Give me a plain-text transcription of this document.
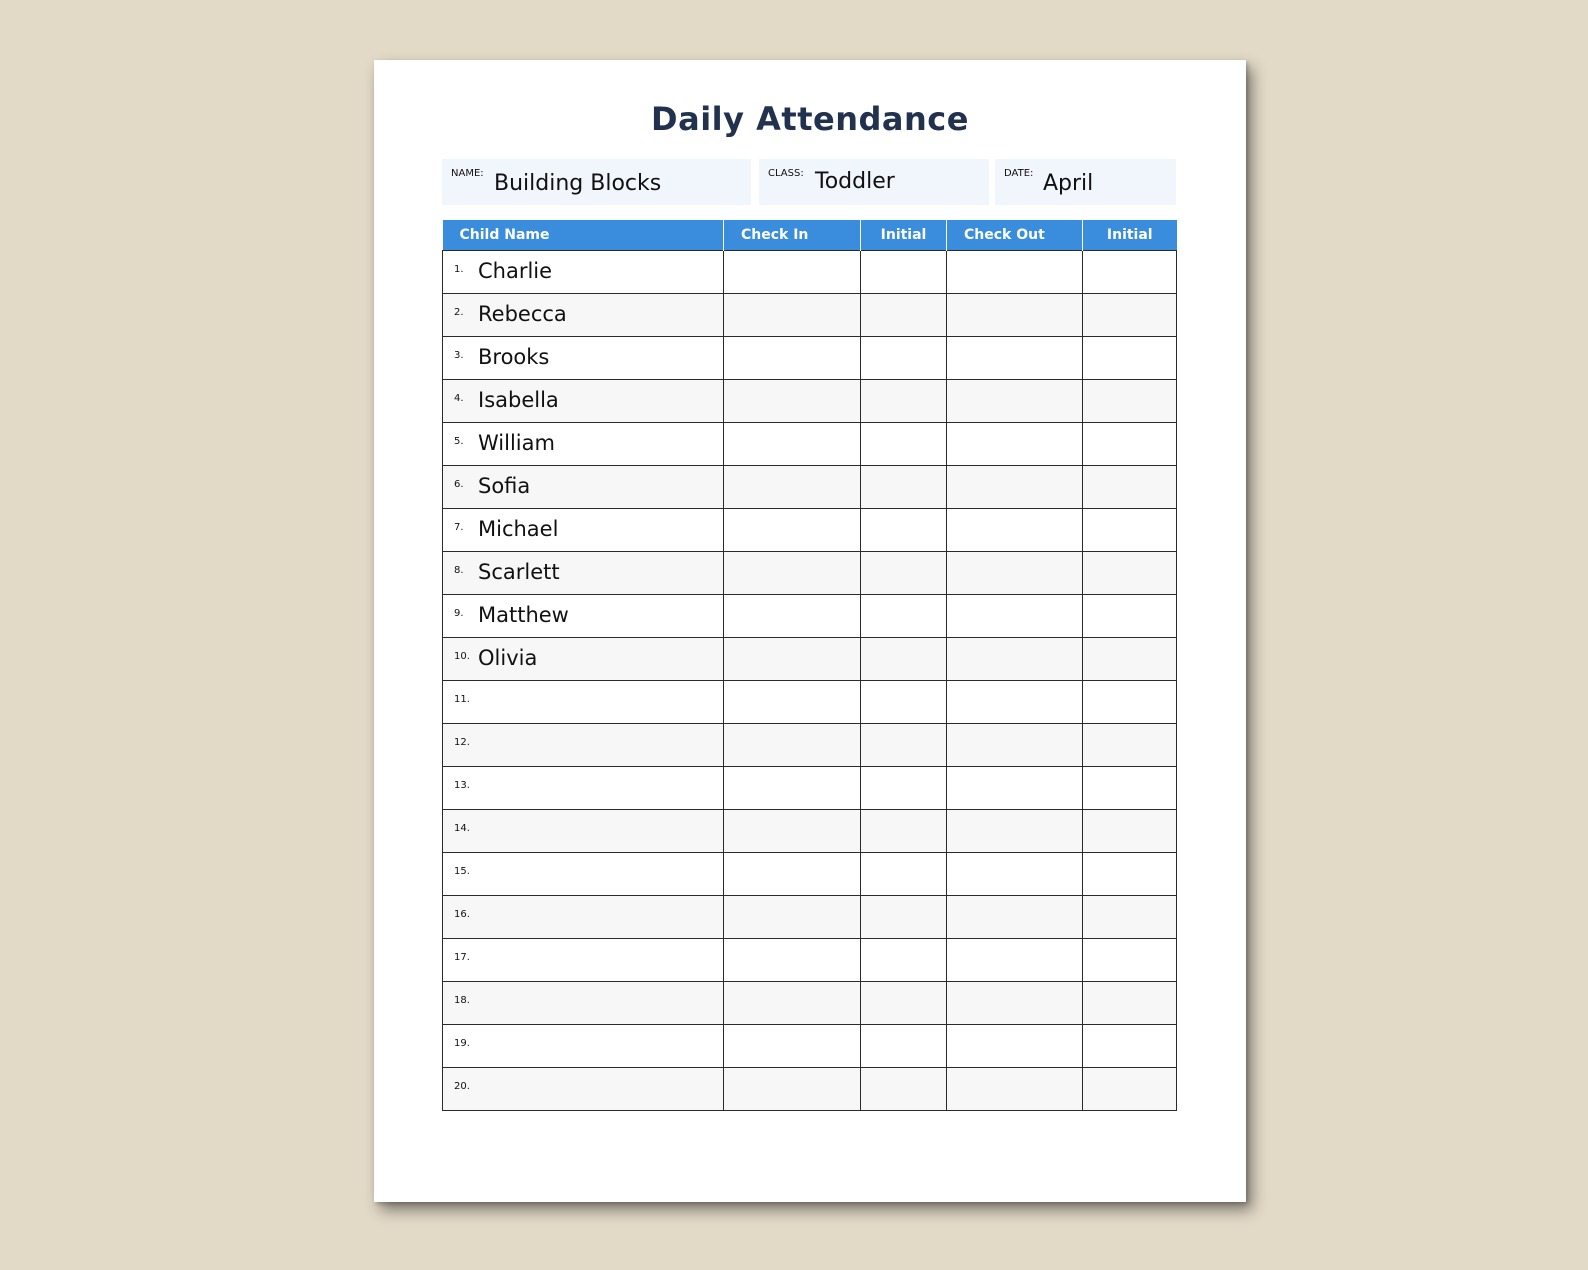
Daily Attendance
NAME: Building Blocks	CLASS: Toddler	DATE: April
Child Name	Check In	Initial	Check Out	Initial

1. Charlie				

2. Rebecca				

3. Brooks				

4. Isabella				

5. William				

6. Sofia				

7. Michael				

8. Scarlett				

9. Matthew				

10. Olivia				

11.				

12.				

13.				

14.				

15.				

16.				

17.				

18.				

19.				

20.				
